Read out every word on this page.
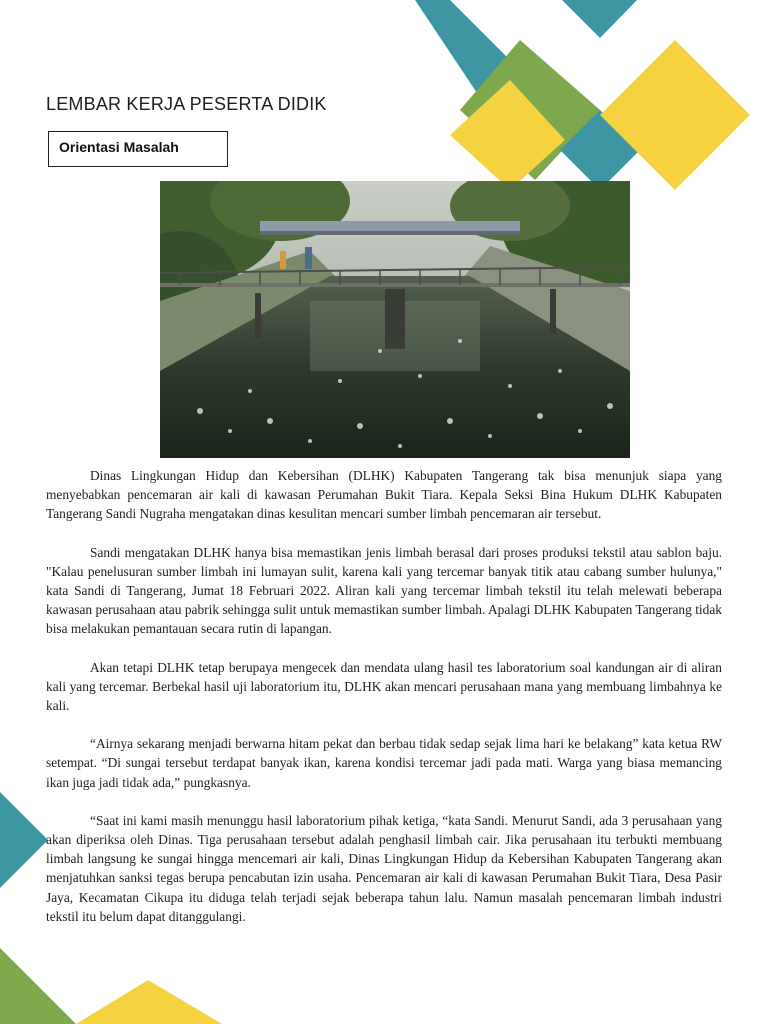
LEMBAR KERJA PESERTA DIDIK
Orientasi Masalah

Dinas Lingkungan Hidup dan Kebersihan (DLHK) Kabupaten Tangerang tak bisa menunjuk siapa yang menyebabkan pencemaran air kali di kawasan Perumahan Bukit Tiara. Kepala Seksi Bina Hukum DLHK Kabupaten Tangerang Sandi Nugraha mengatakan dinas kesulitan mencari sumber limbah pencemaran air tersebut.

Sandi mengatakan DLHK hanya bisa memastikan jenis limbah berasal dari proses produksi tekstil atau sablon baju. "Kalau penelusuran sumber limbah ini lumayan sulit, karena kali yang tercemar banyak titik atau cabang sumber hulunya," kata Sandi di Tangerang, Jumat 18 Februari 2022. Aliran kali yang tercemar limbah tekstil itu telah melewati beberapa kawasan perusahaan atau pabrik sehingga sulit untuk memastikan sumber limbah. Apalagi DLHK Kabupaten Tangerang tidak bisa melakukan pemantauan secara rutin di lapangan.

Akan tetapi DLHK tetap berupaya mengecek dan mendata ulang hasil tes laboratorium soal kandungan air di aliran kali yang tercemar. Berbekal hasil uji laboratorium itu, DLHK akan mencari perusahaan mana yang membuang limbahnya ke kali.

“Airnya sekarang menjadi berwarna hitam pekat dan berbau tidak sedap sejak lima hari ke belakang” kata ketua RW setempat. “Di sungai tersebut terdapat banyak ikan, karena kondisi tercemar jadi pada mati. Warga yang biasa memancing ikan juga jadi tidak ada,” pungkasnya.

“Saat ini kami masih menunggu hasil laboratorium pihak ketiga, “kata Sandi. Menurut Sandi, ada 3 perusahaan yang akan diperiksa oleh Dinas. Tiga perusahaan tersebut adalah penghasil limbah cair. Jika perusahaan itu terbukti membuang limbah langsung ke sungai hingga mencemari air kali, Dinas Lingkungan Hidup da Kebersihan Kabupaten Tangerang akan menjatuhkan sanksi tegas berupa pencabutan izin usaha. Pencemaran air kali di kawasan Perumahan Bukit Tiara, Desa Pasir Jaya, Kecamatan Cikupa itu diduga telah terjadi sejak beberapa tahun lalu. Namun masalah pencemaran limbah industri tekstil itu belum dapat ditanggulangi.
